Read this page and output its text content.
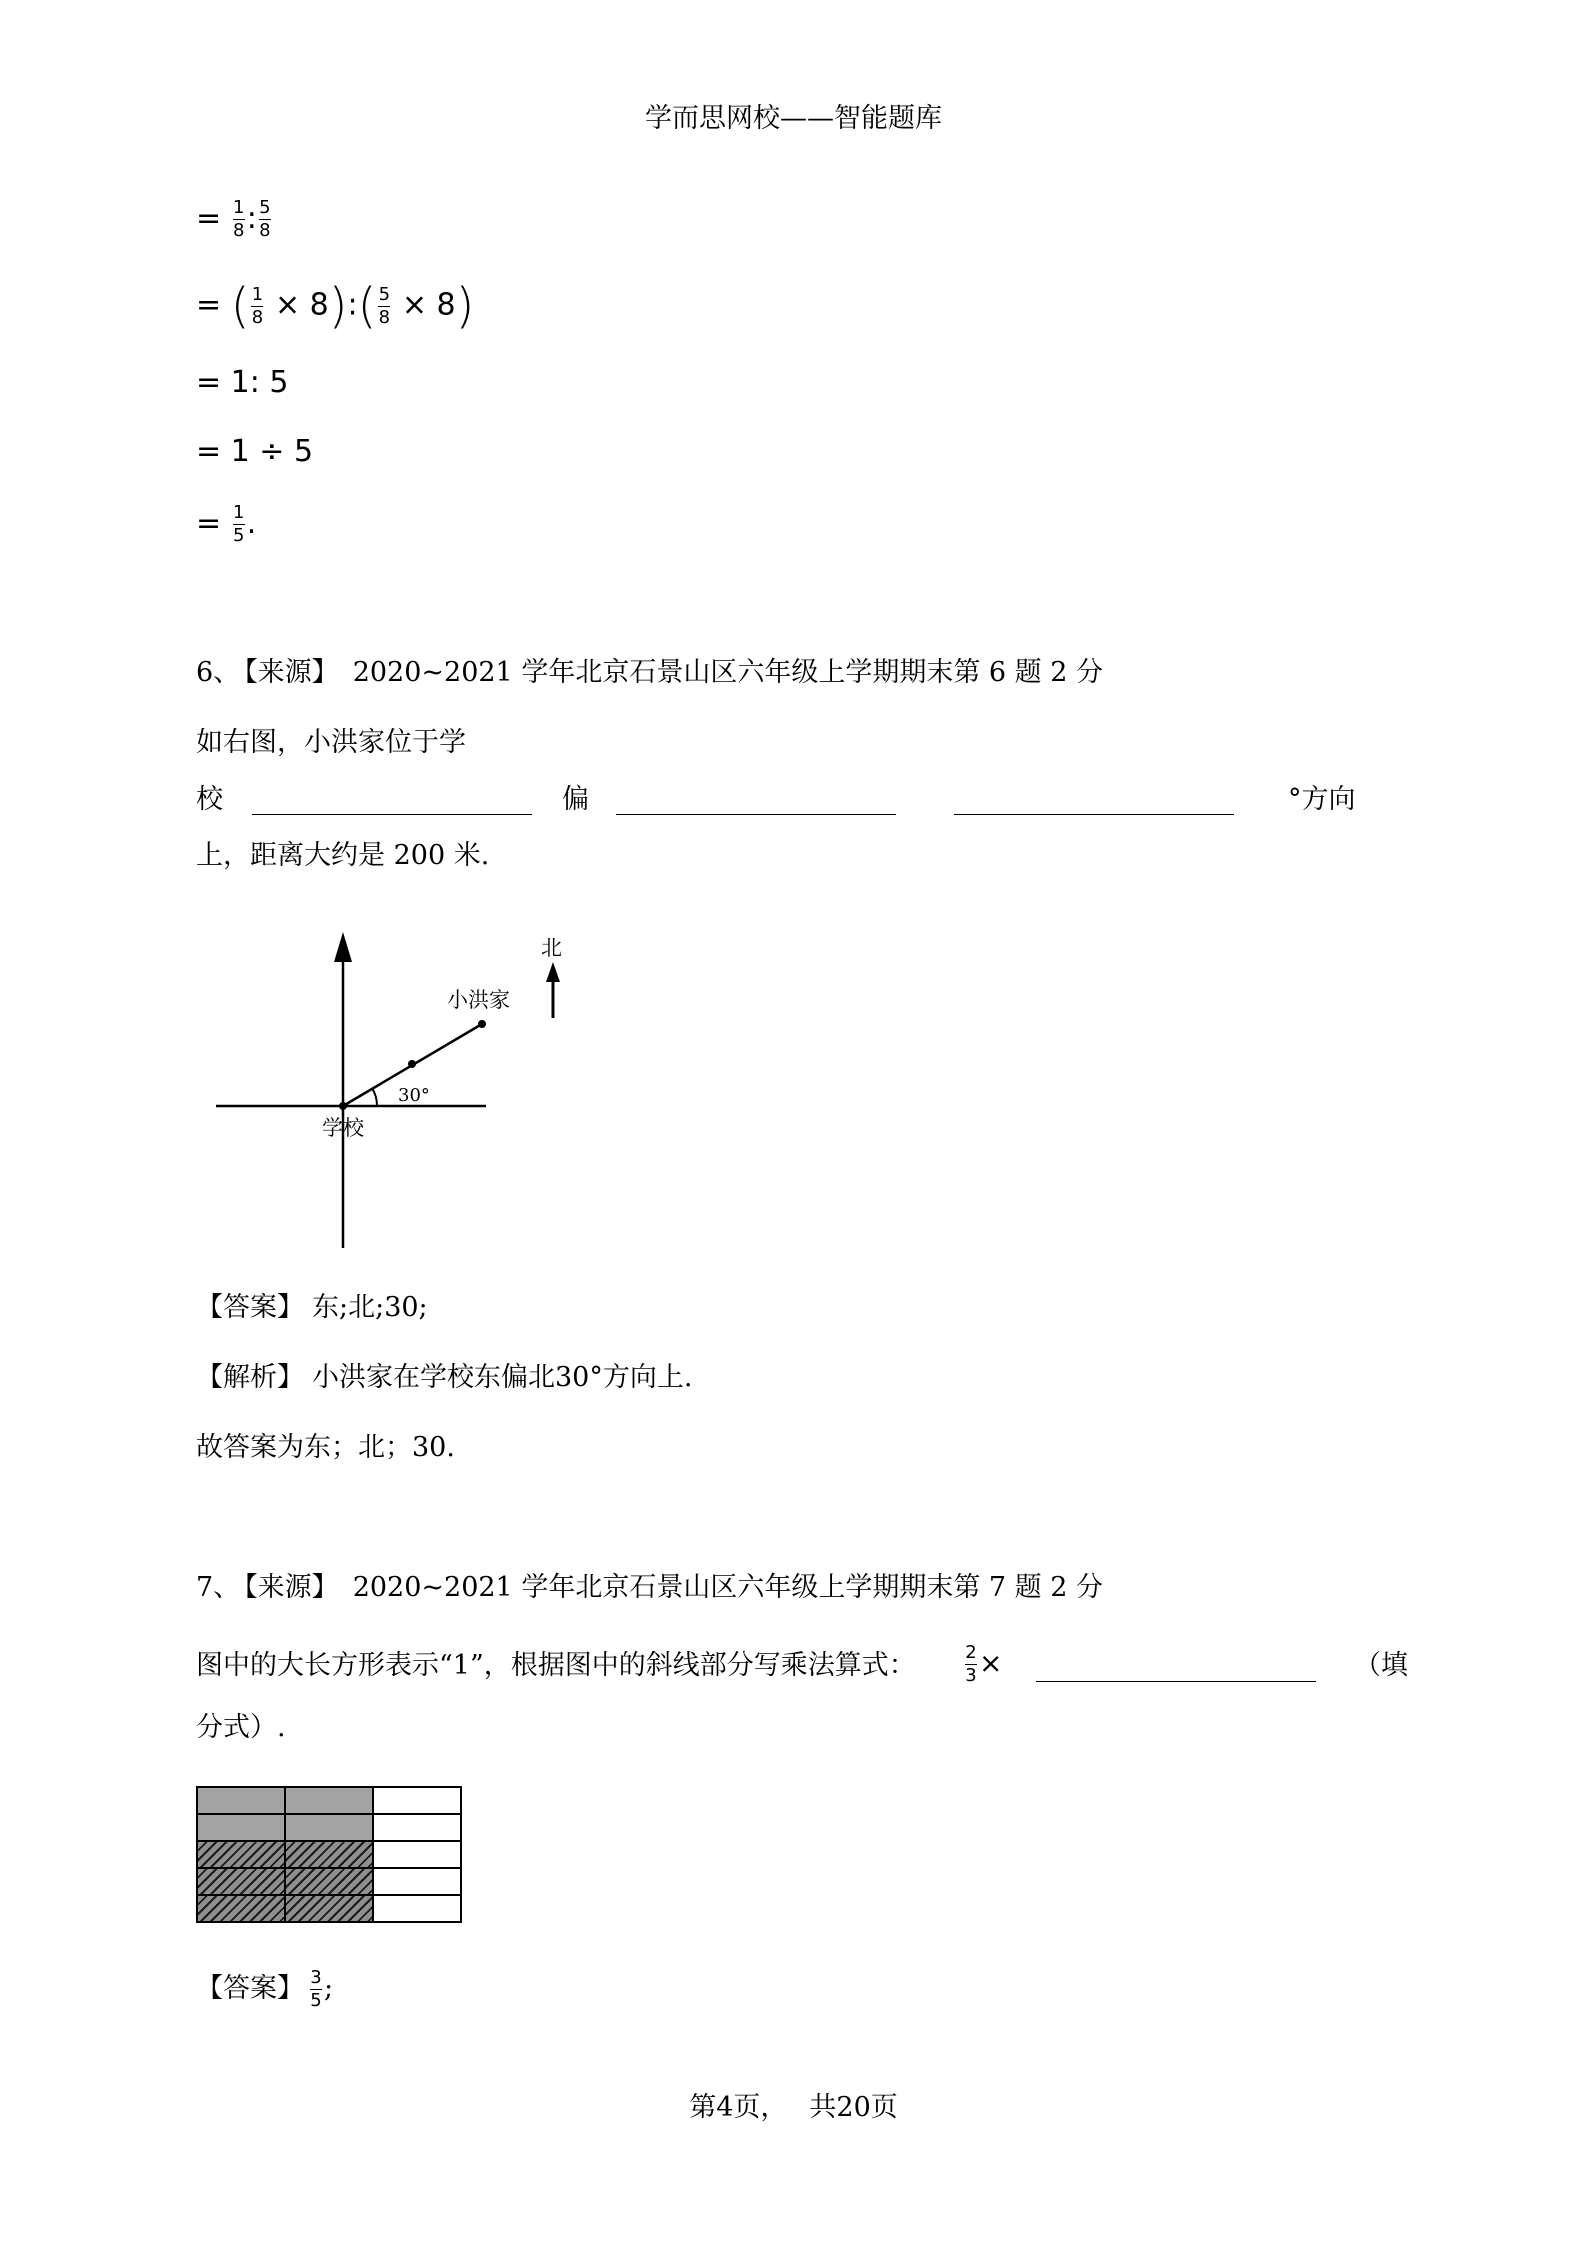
学而思网校——智能题库
= $\frac{1}{8}$ : $\frac{5}{8}$
= ( $\frac{1}{8}$ × 8):( $\frac{5}{8} \times 8$)
= 1: 5
= 1 ÷ 5
= $\frac{1}{5}$ .
6、 【来源】 2020~2021 学年北京石景山区六年级上学期期末第 6 题 2 分
如右图，小洪家位于学
校	偏	°方向
上，距离大约是 200 米.
北
小洪家
30°
学校
【答案】 东;北;30;
【解析】 小洪家在学校东偏北30°方向上.
故答案为东；北；30.
7、 【来源】 2020~2021 学年北京石景山区六年级上学期期末第 7 题 2 分
图中的大长方形表示“1”，根据图中的斜线部分写乘法算式：	$\frac{2}{3}$ ×	（填
分式）.

【答案】 $\frac{3}{5}$ ;
第4页， 共20页
